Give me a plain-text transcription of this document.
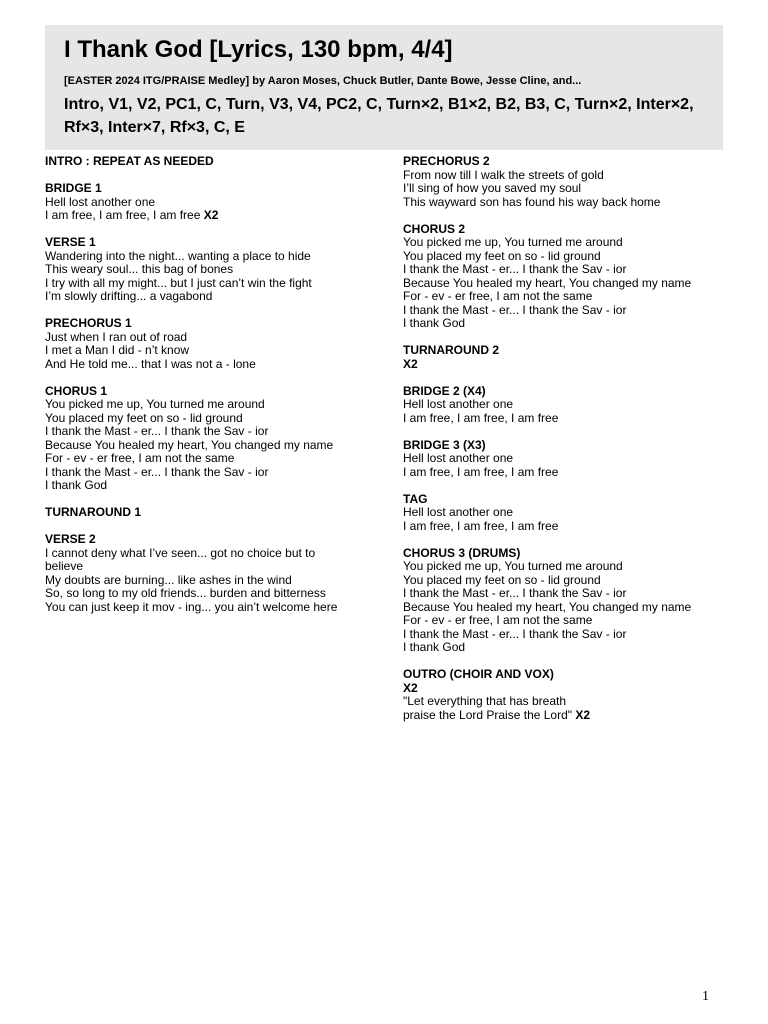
I Thank God [Lyrics, 130 bpm, 4/4]
[EASTER 2024 ITG/PRAISE Medley] by Aaron Moses, Chuck Butler, Dante Bowe, Jesse Cline, and...
Intro, V1, V2, PC1, C, Turn, V3, V4, PC2, C, Turn×2, B1×2, B2, B3, C, Turn×2, Inter×2, Rf×3, Inter×7, Rf×3, C, E
INTRO : REPEAT AS NEEDED
BRIDGE 1
Hell lost another one
I am free, I am free, I am free X2
VERSE 1
Wandering into the night... wanting a place to hide
This weary soul... this bag of bones
I try with all my might... but I just can’t win the fight
I’m slowly drifting... a vagabond
PRECHORUS 1
Just when I ran out of road
I met a Man I did - n’t know
And He told me... that I was not a - lone
CHORUS 1
You picked me up, You turned me around
You placed my feet on so - lid ground
I thank the Mast - er... I thank the Sav - ior
Because You healed my heart, You changed my name
For - ev - er free, I am not the same
I thank the Mast - er... I thank the Sav - ior
I thank God
TURNAROUND 1
VERSE 2
I cannot deny what I’ve seen... got no choice but to
believe
My doubts are burning... like ashes in the wind
So, so long to my old friends... burden and bitterness
You can just keep it mov - ing... you ain’t welcome here
PRECHORUS 2
From now till I walk the streets of gold
I’ll sing of how you saved my soul
This wayward son has found his way back home
CHORUS 2
You picked me up, You turned me around
You placed my feet on so - lid ground
I thank the Mast - er... I thank the Sav - ior
Because You healed my heart, You changed my name
For - ev - er free, I am not the same
I thank the Mast - er... I thank the Sav - ior
I thank God
TURNAROUND 2
X2
BRIDGE 2 (X4)
Hell lost another one
I am free, I am free, I am free
BRIDGE 3 (X3)
Hell lost another one
I am free, I am free, I am free
TAG
Hell lost another one
I am free, I am free, I am free
CHORUS 3 (DRUMS)
You picked me up, You turned me around
You placed my feet on so - lid ground
I thank the Mast - er... I thank the Sav - ior
Because You healed my heart, You changed my name
For - ev - er free, I am not the same
I thank the Mast - er... I thank the Sav - ior
I thank God
OUTRO (CHOIR AND VOX)
X2
"Let everything that has breath
praise the Lord Praise the Lord" X2
1
